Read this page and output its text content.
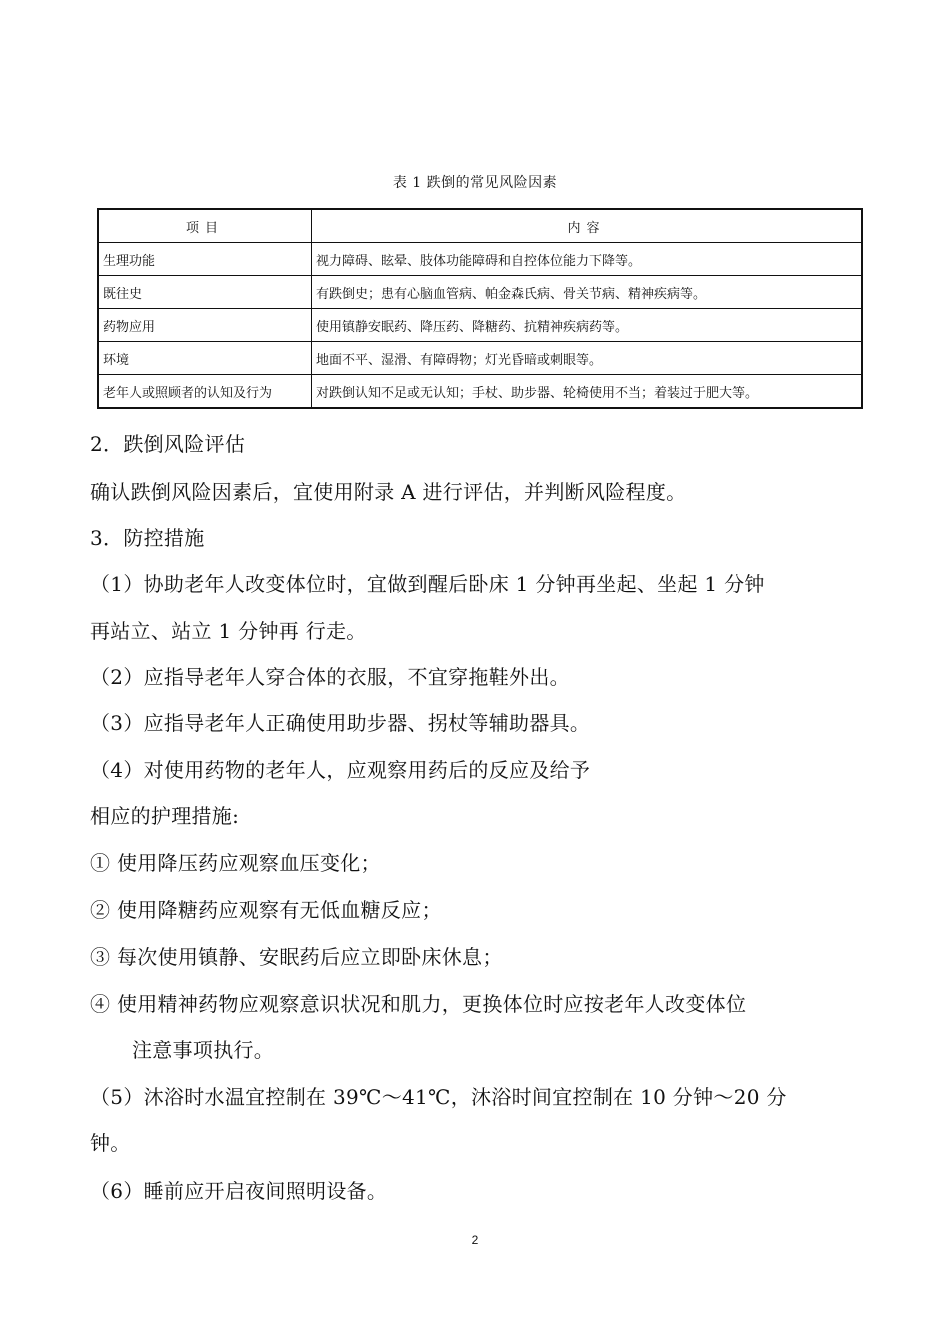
表 1 跌倒的常见风险因素
项目	内容
生理功能	视力障碍、眩晕、肢体功能障碍和自控体位能力下降等。
既往史	有跌倒史；患有心脑血管病、帕金森氏病、骨关节病、精神疾病等。
药物应用	使用镇静安眠药、降压药、降糖药、抗精神疾病药等。
环境	地面不平、湿滑、有障碍物；灯光昏暗或刺眼等。
老年人或照顾者的认知及行为	对跌倒认知不足或无认知；手杖、助步器、轮椅使用不当；着装过于肥大等。
2．跌倒风险评估
确认跌倒风险因素后，宜使用附录 A 进行评估，并判断风险程度。
3．防控措施
（1）协助老年人改变体位时，宜做到醒后卧床 1 分钟再坐起、坐起 1 分钟
再站立、站立 1 分钟再 行走。
（2）应指导老年人穿合体的衣服，不宜穿拖鞋外出。
（3）应指导老年人正确使用助步器、拐杖等辅助器具。
（4）对使用药物的老年人，应观察用药后的反应及给予
相应的护理措施:
① 使用降压药应观察血压变化；
② 使用降糖药应观察有无低血糖反应；
③ 每次使用镇静、安眠药后应立即卧床休息；
④ 使用精神药物应观察意识状况和肌力，更换体位时应按老年人改变体位
注意事项执行。
（5）沐浴时水温宜控制在 39℃～41℃，沐浴时间宜控制在 10 分钟～20 分
钟。
（6）睡前应开启夜间照明设备。
2
